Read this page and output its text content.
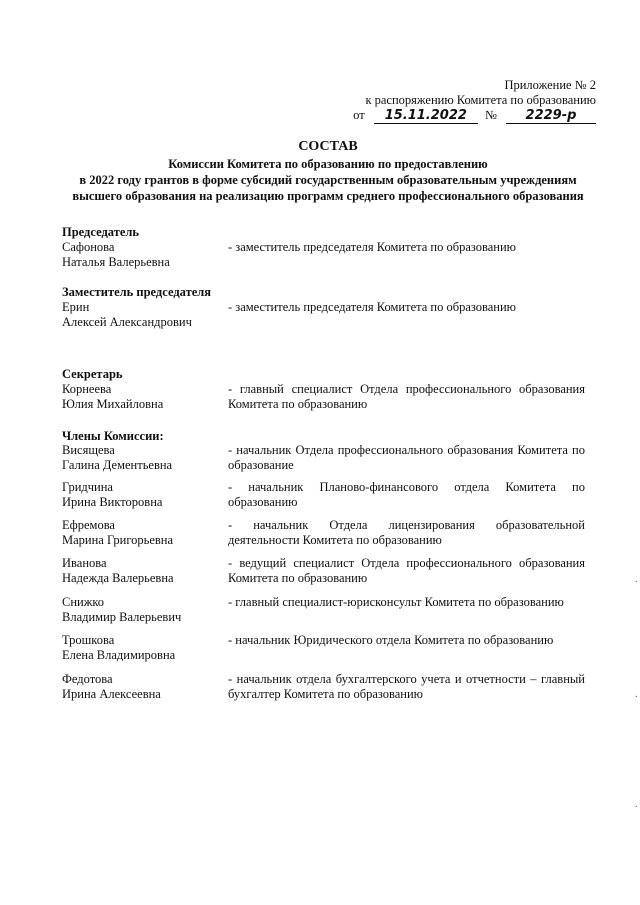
Приложение № 2
к распоряжению Комитета по образованию
от 15.11.2022 № 2229-р
СОСТАВ
Комиссии Комитета по образованию по предоставлению
в 2022 году грантов в форме субсидий государственным образовательным учреждениям
высшего образования на реализацию программ среднего профессионального образования
Председатель
Сафонова
Наталья Валерьевна
- заместитель председателя Комитета по образованию
Заместитель председателя
Ерин
Алексей Александрович
- заместитель председателя Комитета по образованию
Секретарь
Корнеева
Юлия Михайловна
- главный специалист Отдела профессионального образования Комитета по образованию
Члены Комиссии:
Висящева
Галина Дементьевна
- начальник Отдела профессионального образования Комитета по образование
Гридчина
Ирина Викторовна
- начальник Планово-финансового отдела Комитета по образованию
Ефремова
Марина Григорьевна
- начальник Отдела лицензирования образовательной деятельности Комитета по образованию
Иванова
Надежда Валерьевна
- ведущий специалист Отдела профессионального образования Комитета по образованию
Снижко
Владимир Валерьевич
- главный специалист-юрисконсульт Комитета по образованию
Трошкова
Елена Владимировна
- начальник Юридического отдела Комитета по образованию
Федотова
Ирина Алексеевна
- начальник отдела бухгалтерского учета и отчетности – главный бухгалтер Комитета по образованию
·
·
·
